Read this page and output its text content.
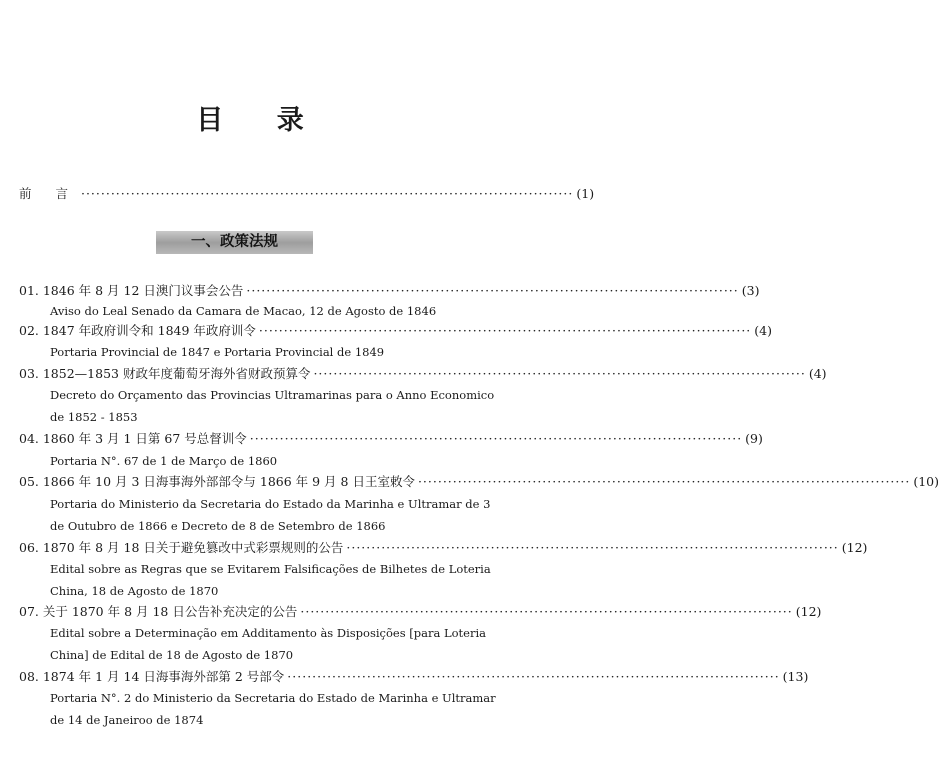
目 录
前 言 ··································································································· (1)
一、政策法规
01. 1846 年 8 月 12 日澳门议事会公告 ··································································································· (3)
Aviso do Leal Senado da Camara de Macao, 12 de Agosto de 1846
02. 1847 年政府训令和 1849 年政府训令 ··································································································· (4)
Portaria Provincial de 1847 e Portaria Provincial de 1849
03. 1852—1853 财政年度葡萄牙海外省财政预算令 ··································································································· (4)
Decreto do Orçamento das Provincias Ultramarinas para o Anno Economico
de 1852 - 1853
04. 1860 年 3 月 1 日第 67 号总督训令 ··································································································· (9)
Portaria N°. 67 de 1 de Março de 1860
05. 1866 年 10 月 3 日海事海外部部令与 1866 年 9 月 8 日王室敕令 ··································································································· (10)
Portaria do Ministerio da Secretaria do Estado da Marinha e Ultramar de 3
de Outubro de 1866 e Decreto de 8 de Setembro de 1866
06. 1870 年 8 月 18 日关于避免篡改中式彩票规则的公告 ··································································································· (12)
Edital sobre as Regras que se Evitarem Falsificações de Bilhetes de Loteria
China, 18 de Agosto de 1870
07. 关于 1870 年 8 月 18 日公告补充决定的公告 ··································································································· (12)
Edital sobre a Determinação em Additamento às Disposições [para Loteria
China] de Edital de 18 de Agosto de 1870
08. 1874 年 1 月 14 日海事海外部第 2 号部令 ··································································································· (13)
Portaria N°. 2 do Ministerio da Secretaria do Estado de Marinha e Ultramar
de 14 de Janeiroo de 1874
